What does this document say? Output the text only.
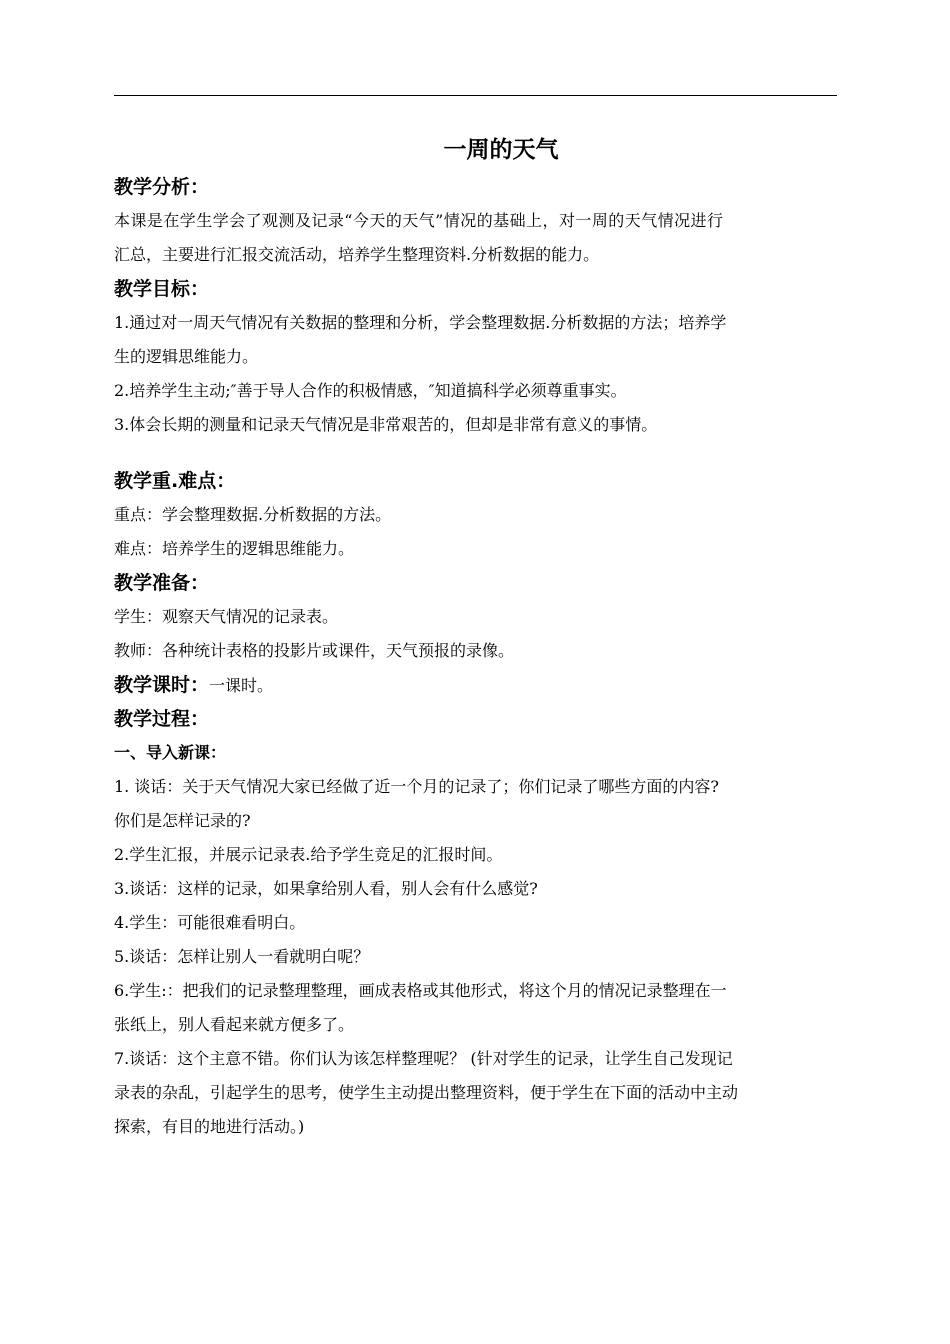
一周的天气
教学分析：
本课是在学生学会了观测及记录“今天的天气”情况的基础上，对一周的天气情况进行
汇总，主要进行汇报交流活动，培养学生整理资料.分析数据的能力。
教学目标：
1.通过对一周天气情况有关数据的整理和分析，学会整理数据.分析数据的方法；培养学
生的逻辑思维能力。
2.培养学生主动;″善于导人合作的积极情感，″知道搞科学必须尊重事实。
3.体会长期的测量和记录天气情况是非常艰苦的，但却是非常有意义的事情。
教学重.难点：
重点：学会整理数据.分析数据的方法。
难点：培养学生的逻辑思维能力。
教学准备：
学生：观察天气情况的记录表。
教师：各种统计表格的投影片或课件，天气预报的录像。
教学课时：一课时。
教学过程：
一、导入新课：
1. 谈话：关于天气情况大家已经做了近一个月的记录了；你们记录了哪些方面的内容?
你们是怎样记录的?
2.学生汇报，并展示记录表.给予学生竞足的汇报时间。
3.谈话：这样的记录，如果拿给别人看，别人会有什么感觉?
4.学生：可能很难看明白。
5.谈话：怎样让别人一看就明白呢？
6.学生:：把我们的记录整理整理，画成表格或其他形式，将这个月的情况记录整理在一
张纸上，别人看起来就方便多了。
7.谈话：这个主意不错。你们认为该怎样整理呢？ (针对学生的记录，让学生自己发现记
录表的杂乱，引起学生的思考，使学生主动提出整理资料，便于学生在下面的活动中主动
探索，有目的地进行活动。)
